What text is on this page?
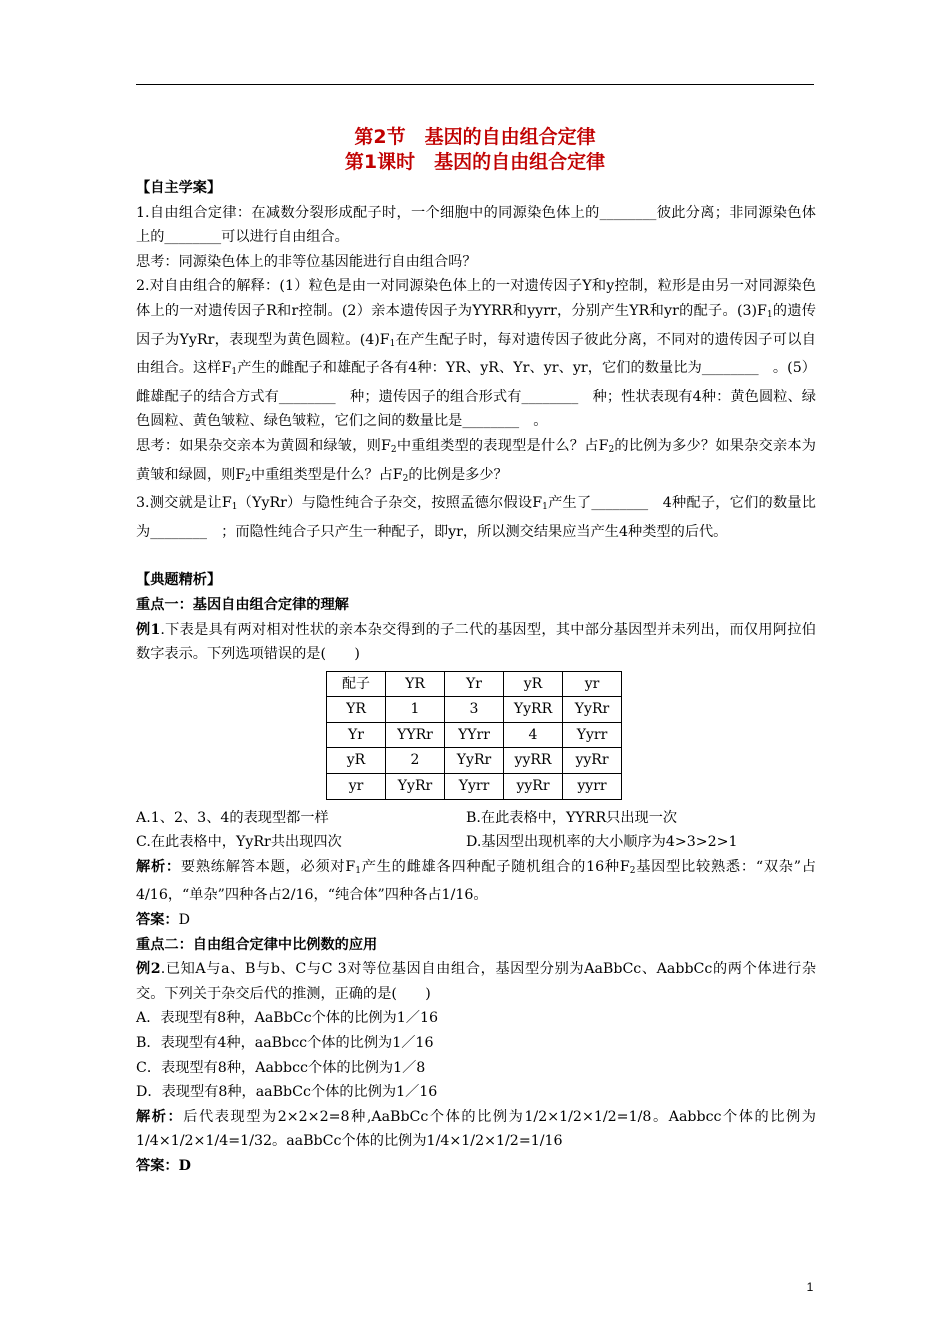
第2节　基因的自由组合定律
第1课时　基因的自由组合定律

【自主学案】

1.自由组合定律：在减数分裂形成配子时，一个细胞中的同源染色体上的________彼此分离；非同源染色体上的________可以进行自由组合。

思考：同源染色体上的非等位基因能进行自由组合吗？

2.对自由组合的解释：(1）粒色是由一对同源染色体上的一对遗传因子Y和y控制，粒形是由另一对同源染色体上的一对遗传因子R和r控制。(2）亲本遗传因子为YYRR和yyrr，分别产生YR和yr的配子。$(3)F_1$的遗传因子为YyRr，表现型为黄色圆粒。$(4)F_1$在产生配子时，每对遗传因子彼此分离，不同对的遗传因子可以自由组合。这样$F_1$产生的雌配子和雄配子各有4种：YR、yR、Yr、yr、yr，它们的数量比为________　。(5）雌雄配子的结合方式有________　种；遗传因子的组合形式有________　种；性状表现有4种：黄色圆粒、绿色圆粒、黄色皱粒、绿色皱粒，它们之间的数量比是________　。

思考：如果杂交亲本为黄圆和绿皱，则$F_2$中重组类型的表现型是什么？占$F_2$的比例为多少？如果杂交亲本为黄皱和绿圆，则$F_2$中重组类型是什么？占$F_2$的比例是多少？

3.测交就是让$F_1(YyRr)$与隐性纯合子杂交，按照孟德尔假设$F_1$产生了________　4种配子，它们的数量比为________　；而隐性纯合子只产生一种配子，即yr，所以测交结果应当产生4种类型的后代。

【典题精析】

重点一：基因自由组合定律的理解

例1.下表是具有两对相对性状的亲本杂交得到的子二代的基因型，其中部分基因型并未列出，而仅用阿拉伯数字表示。下列选项错误的是(　　)

配子	YR	Yr	yR	yr
YR	1	3	YyRR	YyRr
Yr	YYRr	YYrr	4	Yyrr
yR	2	YyRr	yyRR	yyRr
yr	YyRr	Yyrr	yyRr	yyrr

A.1、2、3、4的表现型都一样	B.在此表格中，YYRR只出现一次

C.在此表格中，YyRr共出现四次	D.基因型出现机率的大小顺序为4>3>2>1

解析：要熟练解答本题，必须对$F_1$产生的雌雄各四种配子随机组合的16种$F_2$基因型比较熟悉：“双杂”占4/16，“单杂”四种各占2/16，“纯合体”四种各占1/16。

答案：D

重点二：自由组合定律中比例数的应用

例2.已知A与a、B与b、C与C 3对等位基因自由组合，基因型分别为AaBbCc、AabbCc的两个体进行杂交。下列关于杂交后代的推测，正确的是(　　)

A．表现型有8种，AaBbCc个体的比例为1／16

B．表现型有4种，aaBbcc个体的比例为1／16

C．表现型有8种，Aabbcc个体的比例为1／8

D．表现型有8种，aaBbCc个体的比例为1／16

解析：后代表现型为2×2×2=8种,AaBbCc个体的比例为1/2×1/2×1/2=1/8。Aabbcc个体的比例为1/4×1/2×1/4=1/32。aaBbCc个体的比例为1/4×1/2×1/2=1/16

答案：D

1
